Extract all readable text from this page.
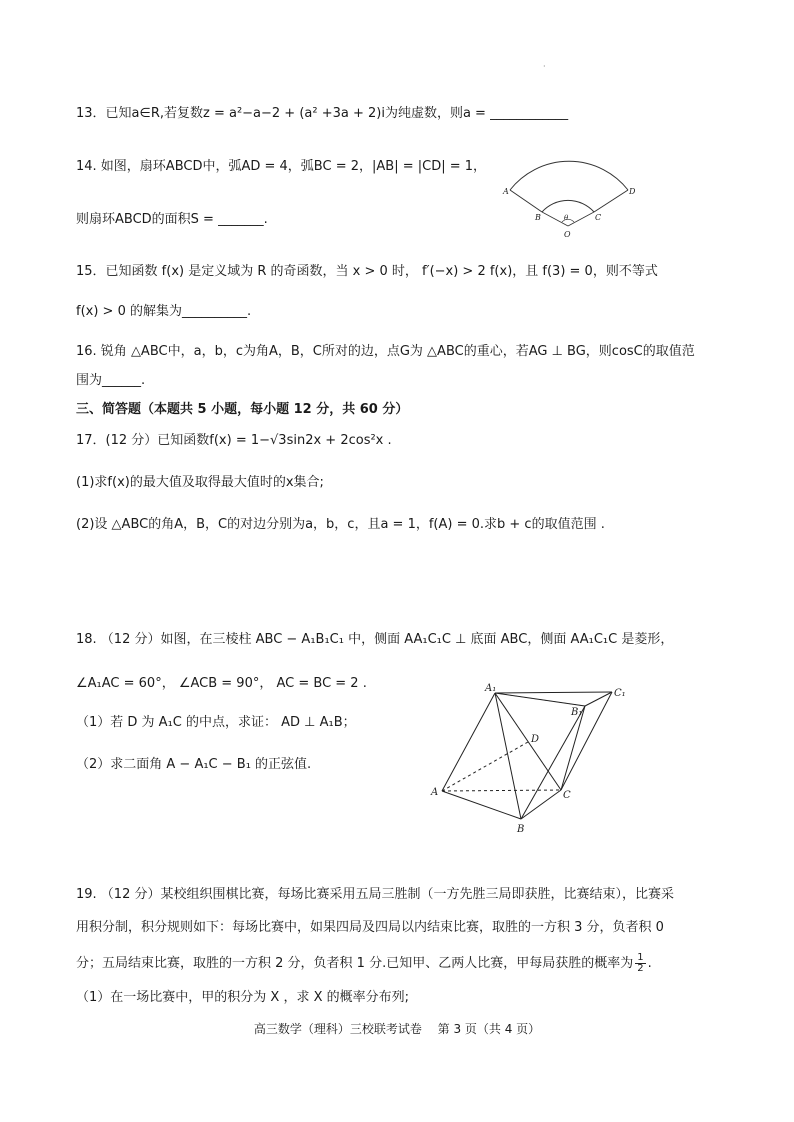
·
13．已知a∈R,若复数z = a²−a−2 + (a² +3a + 2)i为纯虚数，则a = ____________
14. 如图，扇环ABCD中，弧AD = 4，弧BC = 2，|AB| = |CD| = 1，
则扇环ABCD的面积S = _______.
A	D
B	C
θ
O
15．已知函数 f(x) 是定义域为 R 的奇函数，当 x > 0 时， f′(−x) > 2 f(x)，且 f(3) = 0，则不等式
f(x) > 0 的解集为__________.
16. 锐角 △ABC中，a，b，c为角A，B，C所对的边，点G为 △ABC的重心，若AG ⊥ BG，则cosC的取值范
围为______.
三、简答题（本题共 5 小题，每小题 12 分，共 60 分）
17．(12 分）已知函数f(x) = 1−√3sin2x + 2cos²x .
(1)求f(x)的最大值及取得最大值时的x集合;
(2)设 △ABC的角A，B，C的对边分别为a，b，c，且a = 1，f(A) = 0.求b + c的取值范围 .
18. （12 分）如图，在三棱柱 ABC − A₁B₁C₁ 中，侧面 AA₁C₁C ⊥ 底面 ABC，侧面 AA₁C₁C 是菱形，
∠A₁AC = 60°， ∠ACB = 90°， AC = BC = 2 .
（1）若 D 为 A₁C 的中点，求证： AD ⊥ A₁B；
（2）求二面角 A − A₁C − B₁ 的正弦值.
A₁	C₁
B₁
D
A	C
B
19. （12 分）某校组织围棋比赛，每场比赛采用五局三胜制（一方先胜三局即获胜，比赛结束），比赛采
用积分制，积分规则如下：每场比赛中，如果四局及四局以内结束比赛，取胜的一方积 3 分，负者积 0
分；五局结束比赛，取胜的一方积 2 分，负者积 1 分.已知甲、乙两人比赛，甲每局获胜的概率为 $\frac{1}{2}$ .
（1）在一场比赛中，甲的积分为 X ，求 X 的概率分布列;
高三数学（理科）三校联考试卷　 第 3 页（共 4 页）
